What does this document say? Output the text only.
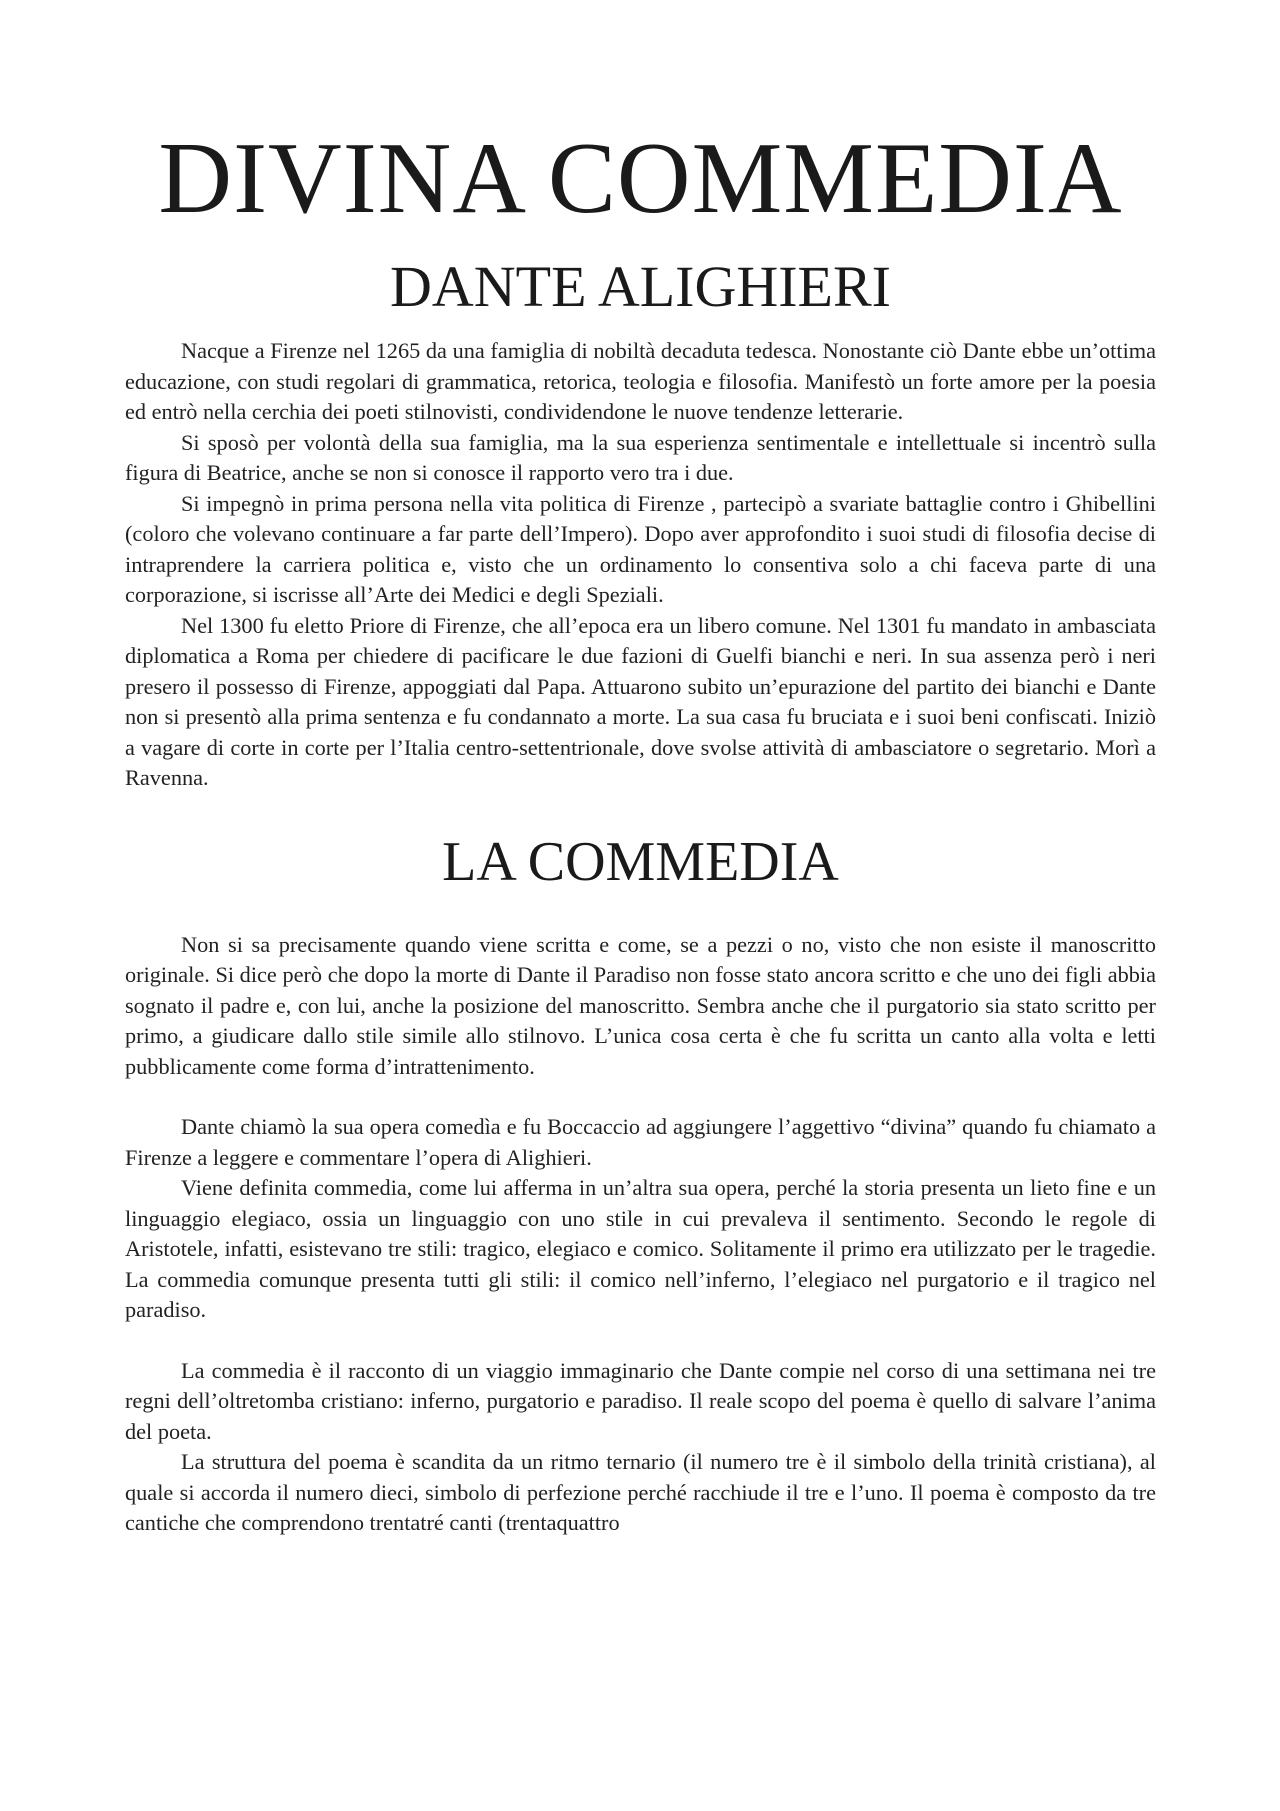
DIVINA COMMEDIA
DANTE ALIGHIERI

Nacque a Firenze nel 1265 da una famiglia di nobiltà decaduta tedesca. Nonostante ciò Dante ebbe un’ottima educazione, con studi regolari di grammatica, retorica, teologia e filosofia. Manifestò un forte amore per la poesia ed entrò nella cerchia dei poeti stilnovisti, condividendone le nuove tendenze letterarie.

Si sposò per volontà della sua famiglia, ma la sua esperienza sentimentale e intellettuale si incentrò sulla figura di Beatrice, anche se non si conosce il rapporto vero tra i due.

Si impegnò in prima persona nella vita politica di Firenze , partecipò a svariate battaglie contro i Ghibellini (coloro che volevano continuare a far parte dell’Impero). Dopo aver approfondito i suoi studi di filosofia decise di intraprendere la carriera politica e, visto che un ordinamento lo consentiva solo a chi faceva parte di una corporazione, si iscrisse all’Arte dei Medici e degli Speziali.

Nel 1300 fu eletto Priore di Firenze, che all’epoca era un libero comune. Nel 1301 fu mandato in ambasciata diplomatica a Roma per chiedere di pacificare le due fazioni di Guelfi bianchi e neri. In sua assenza però i neri presero il possesso di Firenze, appoggiati dal Papa. Attuarono subito un’epurazione del partito dei bianchi e Dante non si presentò alla prima sentenza e fu condannato a morte. La sua casa fu bruciata e i suoi beni confiscati. Iniziò a vagare di corte in corte per l’Italia centro-settentrionale, dove svolse attività di ambasciatore o segretario. Morì a Ravenna.

LA COMMEDIA

Non si sa precisamente quando viene scritta e come, se a pezzi o no, visto che non esiste il manoscritto originale. Si dice però che dopo la morte di Dante il Paradiso non fosse stato ancora scritto e che uno dei figli abbia sognato il padre e, con lui, anche la posizione del manoscritto. Sembra anche che il purgatorio sia stato scritto per primo, a giudicare dallo stile simile allo stilnovo. L’unica cosa certa è che fu scritta un canto alla volta e letti pubblicamente come forma d’intrattenimento.

Dante chiamò la sua opera comedìa e fu Boccaccio ad aggiungere l’aggettivo “divina” quando fu chiamato a Firenze a leggere e commentare l’opera di Alighieri.

Viene definita commedia, come lui afferma in un’altra sua opera, perché la storia presenta un lieto fine e un linguaggio elegiaco, ossia un linguaggio con uno stile in cui prevaleva il sentimento. Secondo le regole di Aristotele, infatti, esistevano tre stili: tragico, elegiaco e comico. Solitamente il primo era utilizzato per le tragedie. La commedia comunque presenta tutti gli stili: il comico nell’inferno, l’elegiaco nel purgatorio e il tragico nel paradiso.

La commedia è il racconto di un viaggio immaginario che Dante compie nel corso di una settimana nei tre regni dell’oltretomba cristiano: inferno, purgatorio e paradiso. Il reale scopo del poema è quello di salvare l’anima del poeta.

La struttura del poema è scandita da un ritmo ternario (il numero tre è il simbolo della trinità cristiana), al quale si accorda il numero dieci, simbolo di perfezione perché racchiude il tre e l’uno. Il poema è composto da tre cantiche che comprendono trentatré canti (trentaquattro
